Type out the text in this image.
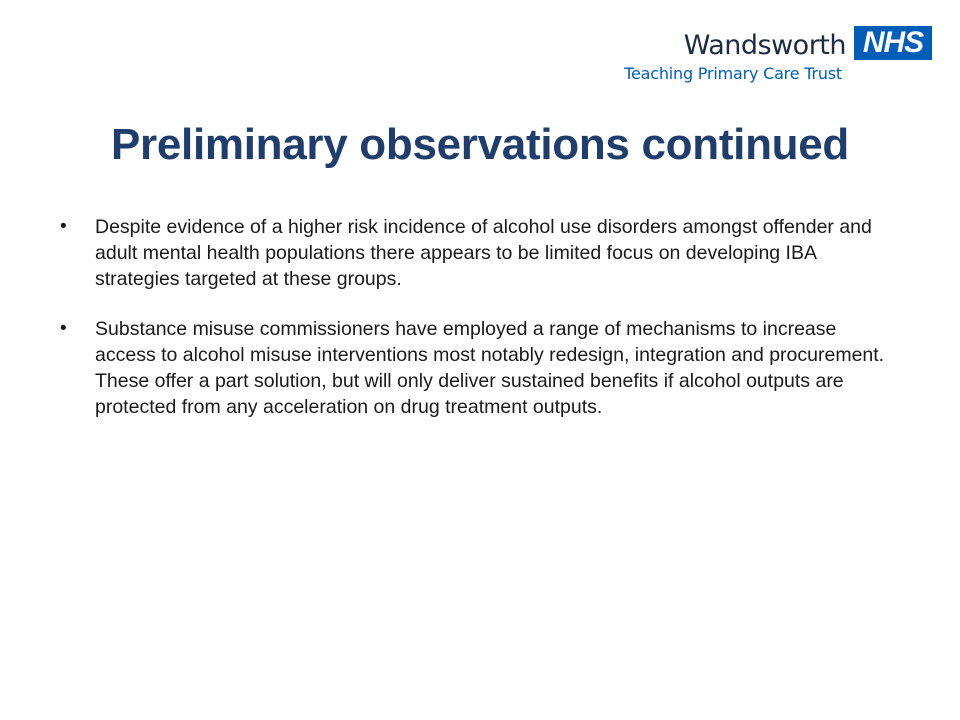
Wandsworth NHS
Teaching Primary Care Trust
Preliminary observations continued
• Despite evidence of a higher risk incidence of alcohol use disorders amongst offender and adult mental health populations there appears to be limited focus on developing IBA strategies targeted at these groups.
• Substance misuse commissioners have employed a range of mechanisms to increase access to alcohol misuse interventions most notably redesign, integration and procurement. These offer a part solution, but will only deliver sustained benefits if alcohol outputs are protected from any acceleration on drug treatment outputs.
